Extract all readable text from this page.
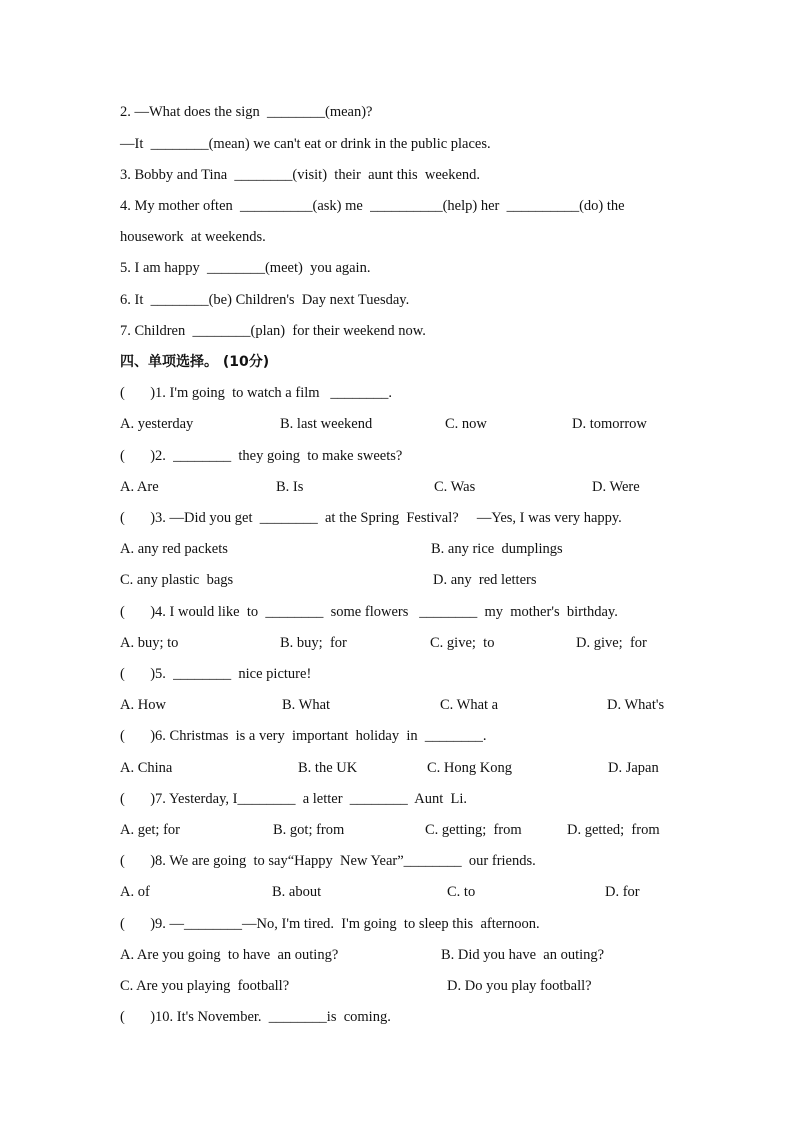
2. —What does the sign  ________(mean)?
—It  ________(mean) we can't eat or drink in the public places.
3. Bobby and Tina  ________(visit)  their  aunt this  weekend.
4. My mother often  __________(ask) me  __________(help) her  __________(do) the
housework  at weekends.
5. I am happy  ________(meet)  you again.
6. It  ________(be) Children's  Day next Tuesday.
7. Children  ________(plan)  for their weekend now.
四、单项选择。 (10分)
(       )1. I'm going  to watch a film   ________.
A. yesterday	B. last weekend	C. now	D. tomorrow
(       )2.  ________  they going  to make sweets?
A. Are	B. Is	C. Was	D. Were
(       )3. —Did you get  ________  at the Spring  Festival?     —Yes, I was very happy.
A. any red packets	B. any rice  dumplings
C. any plastic  bags	D. any  red letters
(       )4. I would like  to  ________  some flowers   ________  my  mother's  birthday.
A. buy; to	B. buy;  for	C. give;  to	D. give;  for
(       )5.  ________  nice picture!
A. How	B. What	C. What a	D. What's
(       )6. Christmas  is a very  important  holiday  in  ________.
A. China	B. the UK	C. Hong Kong	D. Japan
(       )7. Yesterday, I________  a letter  ________  Aunt  Li.
A. get; for	B. got; from	C. getting;  from	D. getted;  from
(       )8. We are going  to say“Happy  New Year”________  our friends.
A. of	B. about	C. to	D. for
(       )9. —________—No, I'm tired.  I'm going  to sleep this  afternoon.
A. Are you going  to have  an outing?	B. Did you have  an outing?
C. Are you playing  football?	D. Do you play football?
(       )10. It's November.  ________is  coming.
